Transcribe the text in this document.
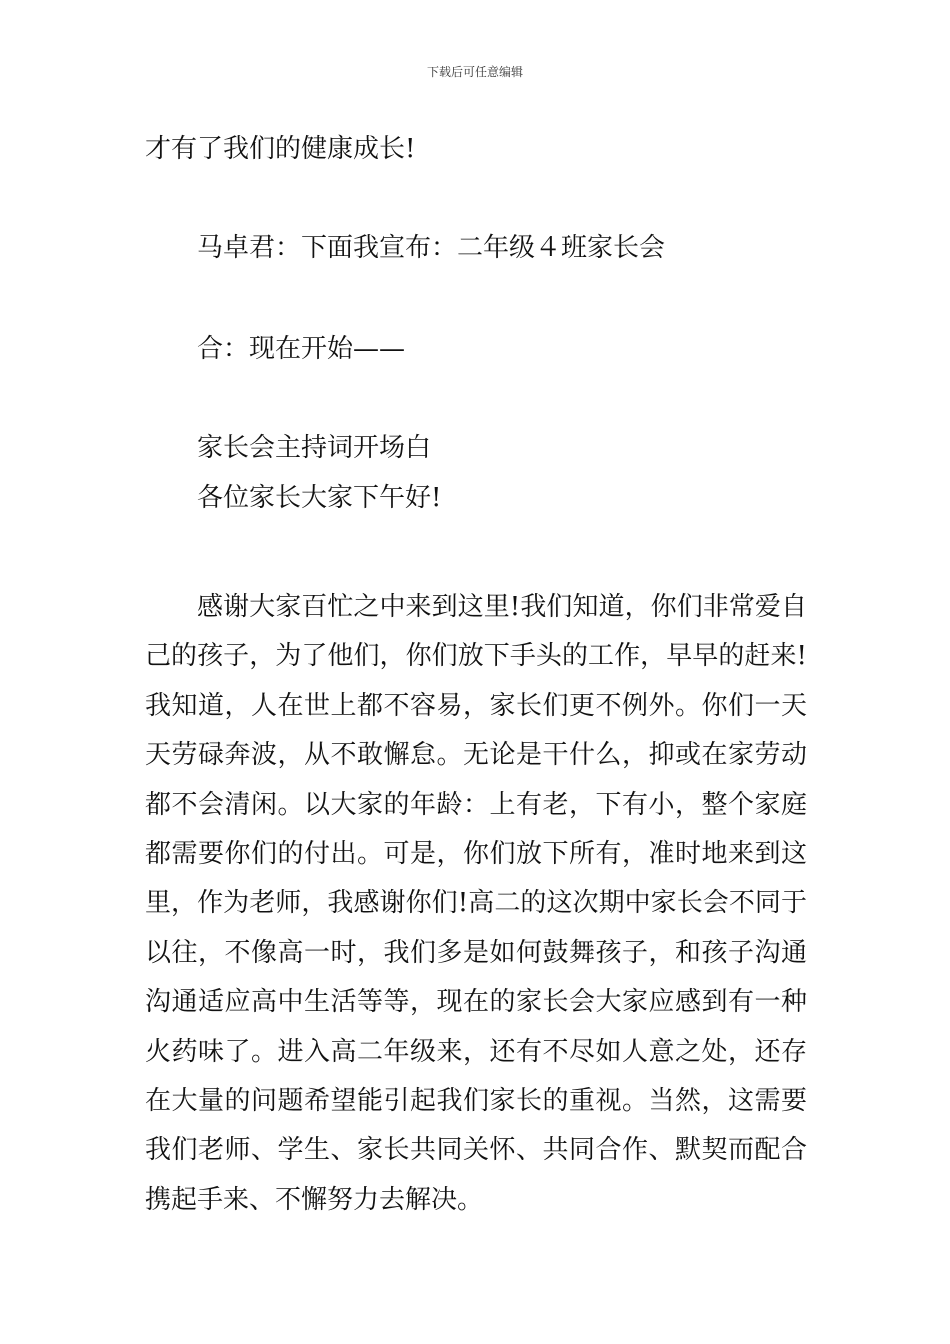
下载后可任意编辑
才有了我们的健康成长!
马卓君：下面我宣布：二年级４班家长会
合：现在开始——
家长会主持词开场白
各位家长大家下午好!
感谢大家百忙之中来到这里!我们知道，你们非常爱自
己的孩子，为了他们，你们放下手头的工作，早早的赶来!
我知道，人在世上都不容易，家长们更不例外。你们一天
天劳碌奔波，从不敢懈怠。无论是干什么，抑或在家劳动
都不会清闲。以大家的年龄：上有老，下有小，整个家庭
都需要你们的付出。可是，你们放下所有，准时地来到这
里，作为老师，我感谢你们!高二的这次期中家长会不同于
以往，不像高一时，我们多是如何鼓舞孩子，和孩子沟通
沟通适应高中生活等等，现在的家长会大家应感到有一种
火药味了。进入高二年级来，还有不尽如人意之处，还存
在大量的问题希望能引起我们家长的重视。当然，这需要
我们老师、学生、家长共同关怀、共同合作、默契而配合
携起手来、不懈努力去解决。
